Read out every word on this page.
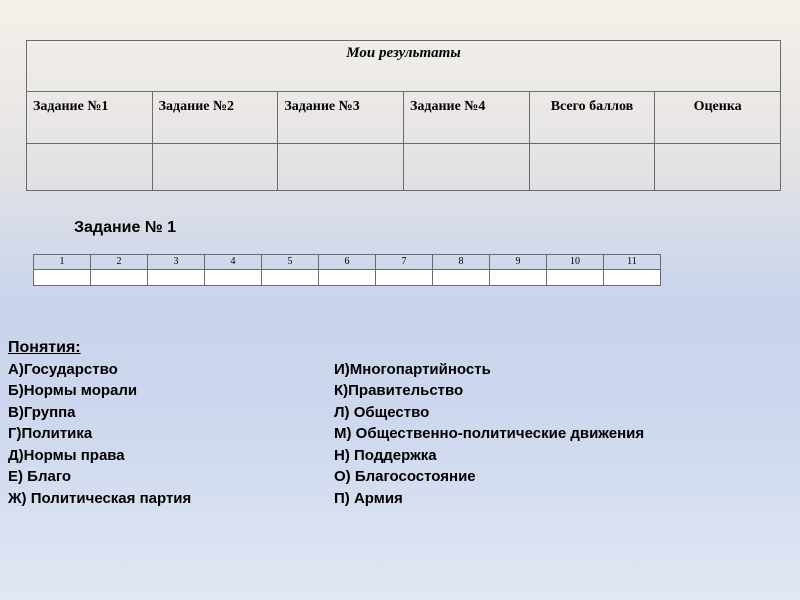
Мои результаты					
Задание №1	Задание №2	Задание №3	Задание №4	Всего баллов	Оценка

Задание № 1
1	2	3	4	5	6	7	8	9	10	11

Понятия:
А)Государство	И)Многопартийность
Б)Нормы морали	К)Правительство
В)Группа	Л) Общество
Г)Политика	М) Общественно-политические движения
Д)Нормы права	Н) Поддержка
Е) Благо	О) Благосостояние
Ж) Политическая партия	П) Армия
